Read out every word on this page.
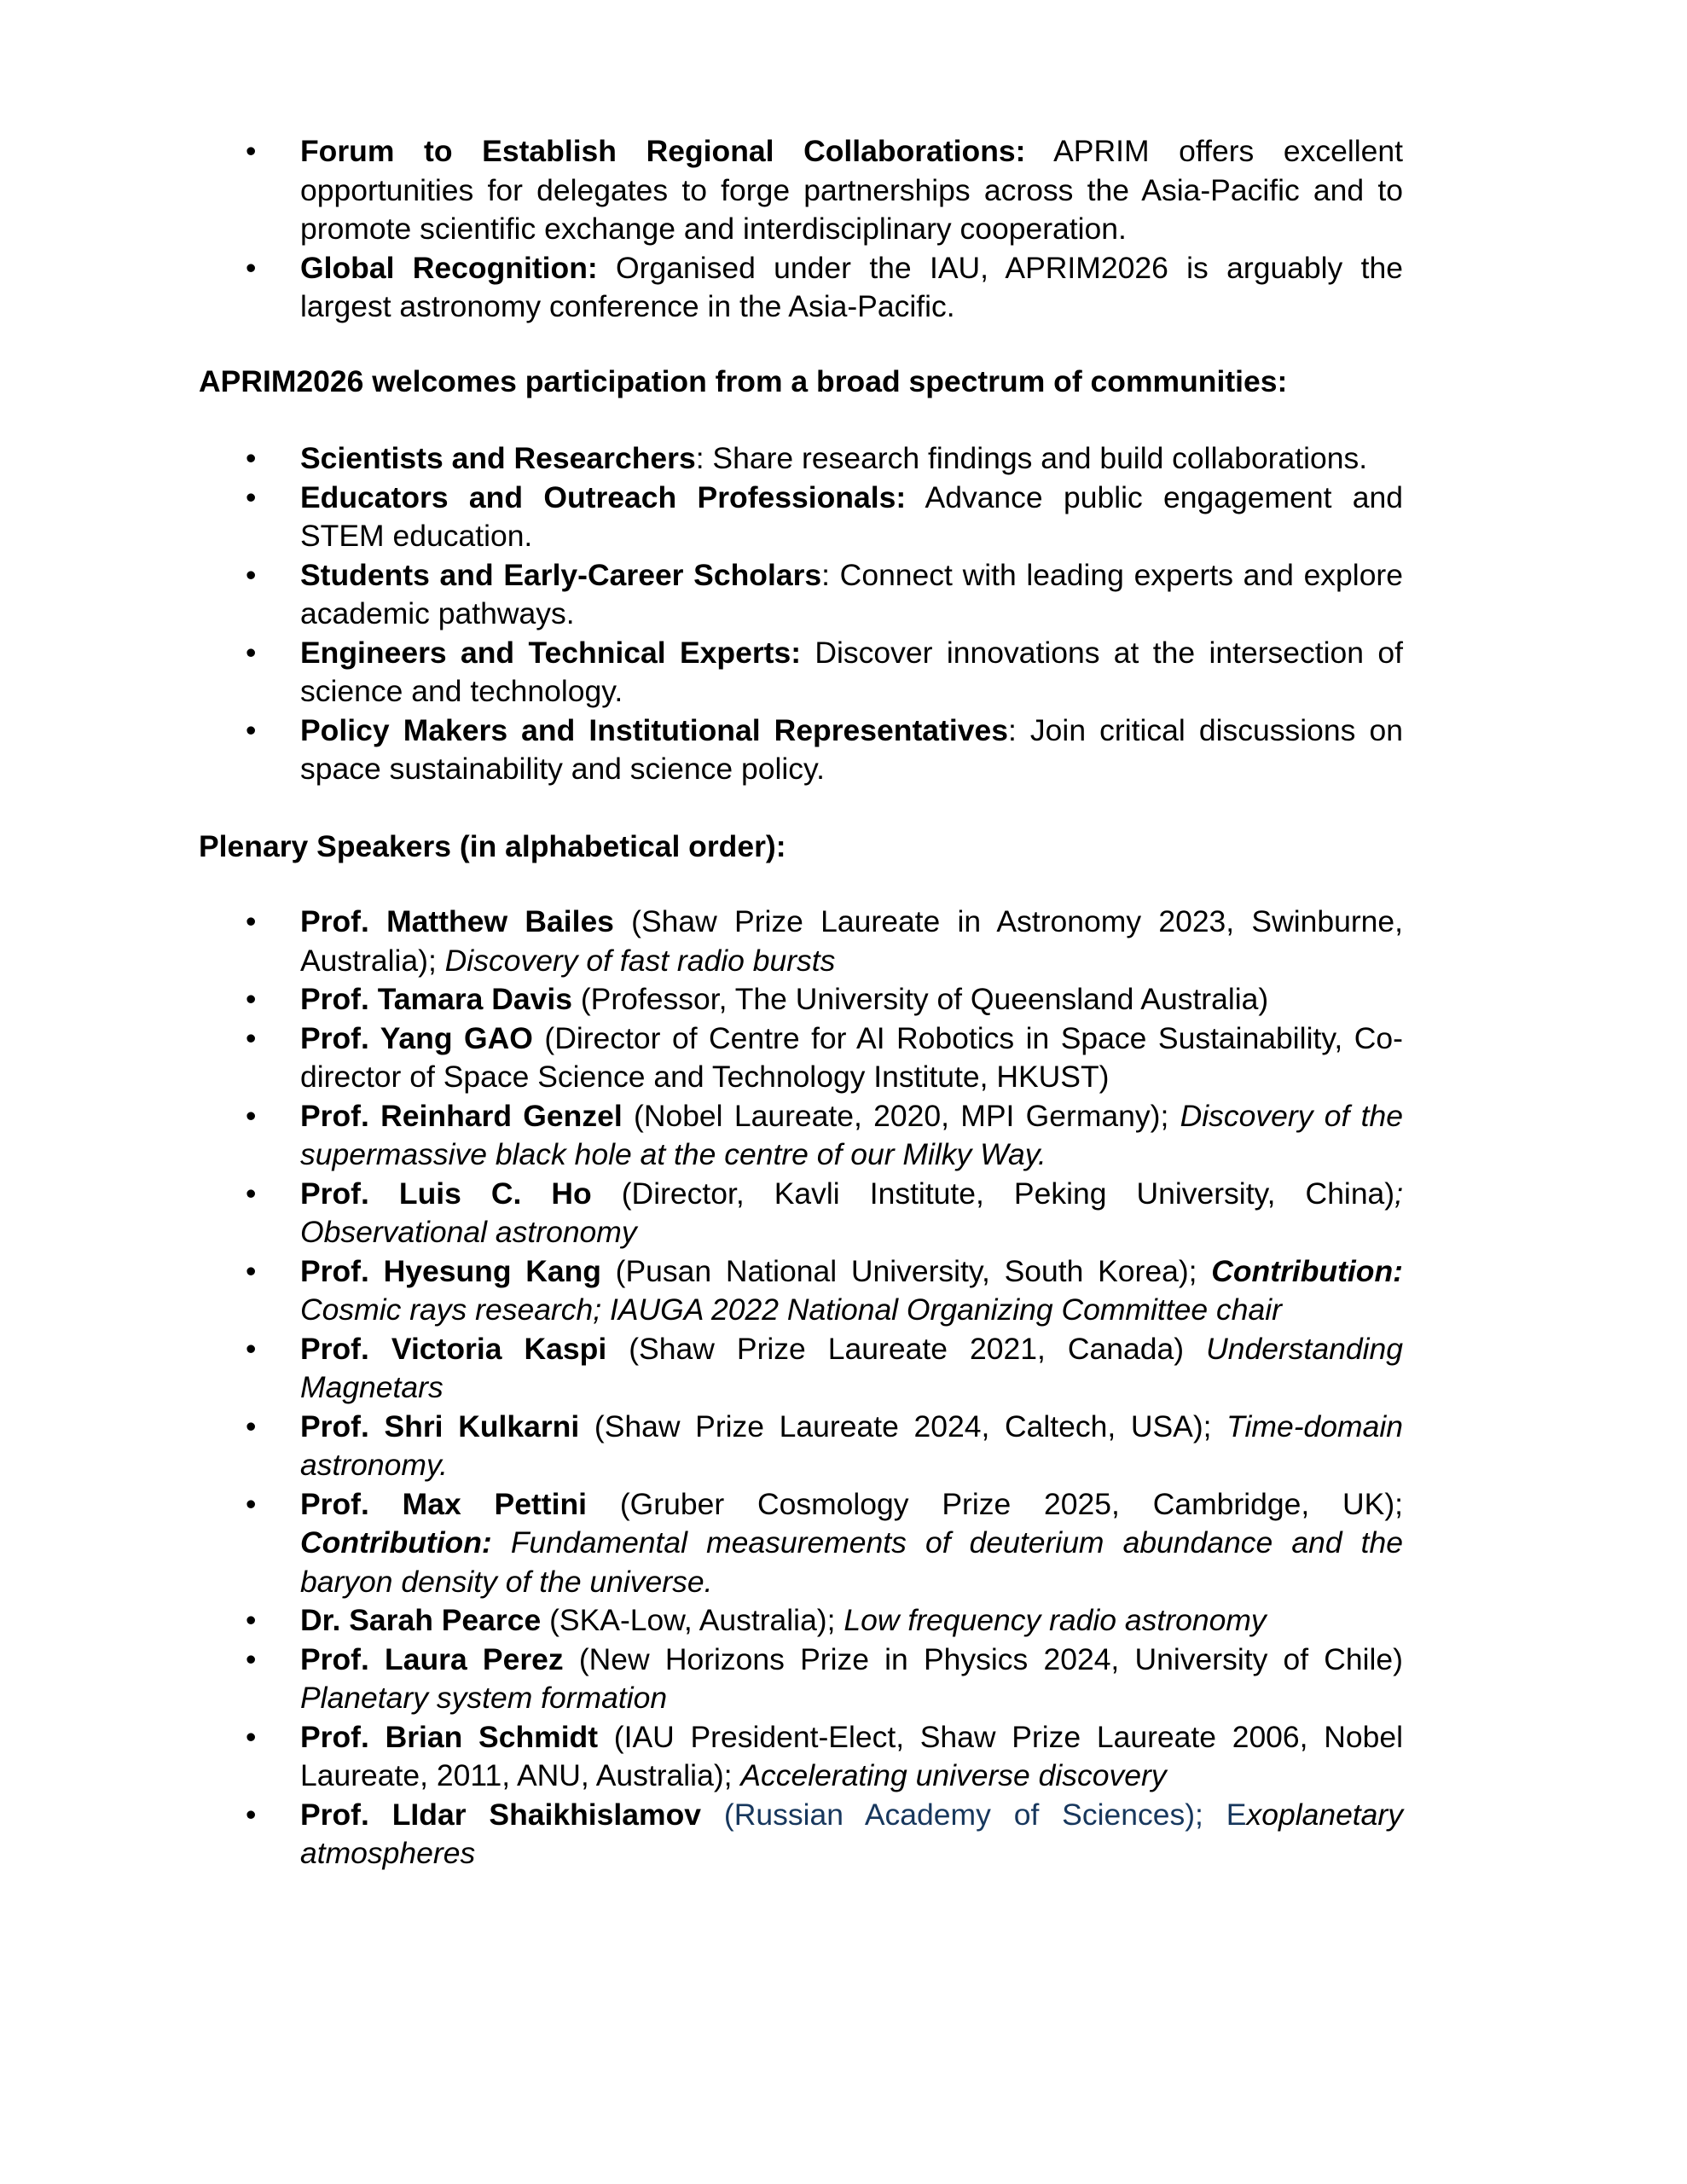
• Forum to Establish Regional Collaborations: APRIM offers excellent opportunities for delegates to forge partnerships across the Asia-Pacific and to promote scientific exchange and interdisciplinary cooperation.
• Global Recognition: Organised under the IAU, APRIM2026 is arguably the largest astronomy conference in the Asia-Pacific.
APRIM2026 welcomes participation from a broad spectrum of communities:
• Scientists and Researchers: Share research findings and build collaborations.
• Educators and Outreach Professionals: Advance public engagement and STEM education.
• Students and Early-Career Scholars: Connect with leading experts and explore academic pathways.
• Engineers and Technical Experts: Discover innovations at the intersection of science and technology.
• Policy Makers and Institutional Representatives: Join critical discussions on space sustainability and science policy.
Plenary Speakers (in alphabetical order):
• Prof. Matthew Bailes (Shaw Prize Laureate in Astronomy 2023, Swinburne, Australia); Discovery of fast radio bursts
• Prof. Tamara Davis (Professor, The University of Queensland Australia)
• Prof. Yang GAO (Director of Centre for AI Robotics in Space Sustainability, Co-director of Space Science and Technology Institute, HKUST)
• Prof. Reinhard Genzel (Nobel Laureate, 2020, MPI Germany); Discovery of the supermassive black hole at the centre of our Milky Way.
• Prof. Luis C. Ho (Director, Kavli Institute, Peking University, China); Observational astronomy
• Prof. Hyesung Kang (Pusan National University, South Korea); Contribution: Cosmic rays research; IAUGA 2022 National Organizing Committee chair
• Prof. Victoria Kaspi (Shaw Prize Laureate 2021, Canada) Understanding Magnetars
• Prof. Shri Kulkarni (Shaw Prize Laureate 2024, Caltech, USA); Time-domain astronomy.
• Prof. Max Pettini (Gruber Cosmology Prize 2025, Cambridge, UK); Contribution: Fundamental measurements of deuterium abundance and the baryon density of the universe.
• Dr. Sarah Pearce (SKA-Low, Australia); Low frequency radio astronomy
• Prof. Laura Perez (New Horizons Prize in Physics 2024, University of Chile) Planetary system formation
• Prof. Brian Schmidt (IAU President-Elect, Shaw Prize Laureate 2006, Nobel Laureate, 2011, ANU, Australia); Accelerating universe discovery
• Prof. LIdar Shaikhislamov (Russian Academy of Sciences); Exoplanetary atmospheres
